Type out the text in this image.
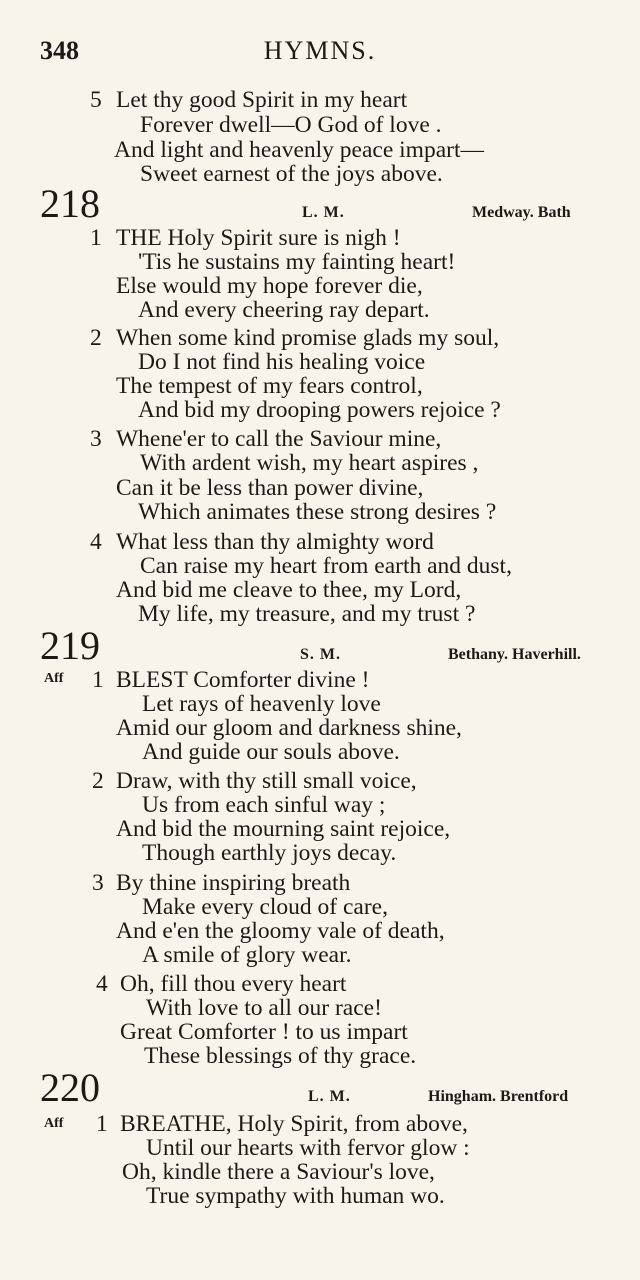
348	HYMNS.
5 Let thy good Spirit in my heart
Forever dwell—O God of love .
And light and heavenly peace impart—
Sweet earnest of the joys above.
218	L. M.	Medway. Bath
1 THE Holy Spirit sure is nigh !
'Tis he sustains my fainting heart!
Else would my hope forever die,
And every cheering ray depart.
2 When some kind promise glads my soul,
Do I not find his healing voice
The tempest of my fears control,
And bid my drooping powers rejoice ?
3 Whene'er to call the Saviour mine,
With ardent wish, my heart aspires ,
Can it be less than power divine,
Which animates these strong desires ?
4 What less than thy almighty word
Can raise my heart from earth and dust,
And bid me cleave to thee, my Lord,
My life, my treasure, and my trust ?
219	S. M.	Bethany. Haverhill.
Aff 1 BLEST Comforter divine !
Let rays of heavenly love
Amid our gloom and darkness shine,
And guide our souls above.
2 Draw, with thy still small voice,
Us from each sinful way ;
And bid the mourning saint rejoice,
Though earthly joys decay.
3 By thine inspiring breath
Make every cloud of care,
And e'en the gloomy vale of death,
A smile of glory wear.
4 Oh, fill thou every heart
With love to all our race!
Great Comforter ! to us impart
These blessings of thy grace.
220	L. M.	Hingham. Brentford
Aff 1 BREATHE, Holy Spirit, from above,
Until our hearts with fervor glow :
Oh, kindle there a Saviour's love,
True sympathy with human wo.
